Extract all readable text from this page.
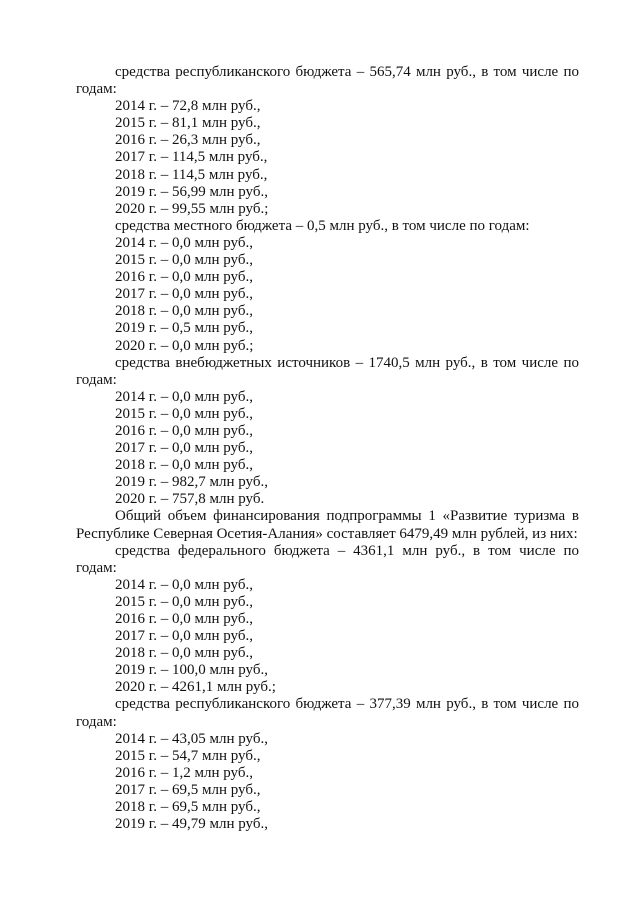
средства республиканского бюджета – 565,74 млн руб., в том числе по годам:

2014 г. – 72,8 млн руб.,
2015 г. – 81,1 млн руб.,
2016 г. – 26,3 млн руб.,
2017 г. – 114,5 млн руб.,
2018 г. – 114,5 млн руб.,
2019 г. – 56,99 млн руб.,
2020 г. – 99,55 млн руб.;

средства местного бюджета – 0,5 млн руб., в том числе по годам:

2014 г. – 0,0 млн руб.,
2015 г. – 0,0 млн руб.,
2016 г. – 0,0 млн руб.,
2017 г. – 0,0 млн руб.,
2018 г. – 0,0 млн руб.,
2019 г. – 0,5 млн руб.,
2020 г. – 0,0 млн руб.;

средства внебюджетных источников – 1740,5 млн руб., в том числе по годам:

2014 г. – 0,0 млн руб.,
2015 г. – 0,0 млн руб.,
2016 г. – 0,0 млн руб.,
2017 г. – 0,0 млн руб.,
2018 г. – 0,0 млн руб.,
2019 г. – 982,7 млн руб.,
2020 г. – 757,8 млн руб.

Общий объем финансирования подпрограммы 1 «Развитие туризма в Республике Северная Осетия-Алания» составляет 6479,49 млн рублей, из них:

средства федерального бюджета – 4361,1 млн руб., в том числе по годам:

2014 г. – 0,0 млн руб.,
2015 г. – 0,0 млн руб.,
2016 г. – 0,0 млн руб.,
2017 г. – 0,0 млн руб.,
2018 г. – 0,0 млн руб.,
2019 г. – 100,0 млн руб.,
2020 г. – 4261,1 млн руб.;

средства республиканского бюджета – 377,39 млн руб., в том числе по годам:

2014 г. – 43,05 млн руб.,
2015 г. – 54,7 млн руб.,
2016 г. – 1,2 млн руб.,
2017 г. – 69,5 млн руб.,
2018 г. – 69,5 млн руб.,
2019 г. – 49,79 млн руб.,
